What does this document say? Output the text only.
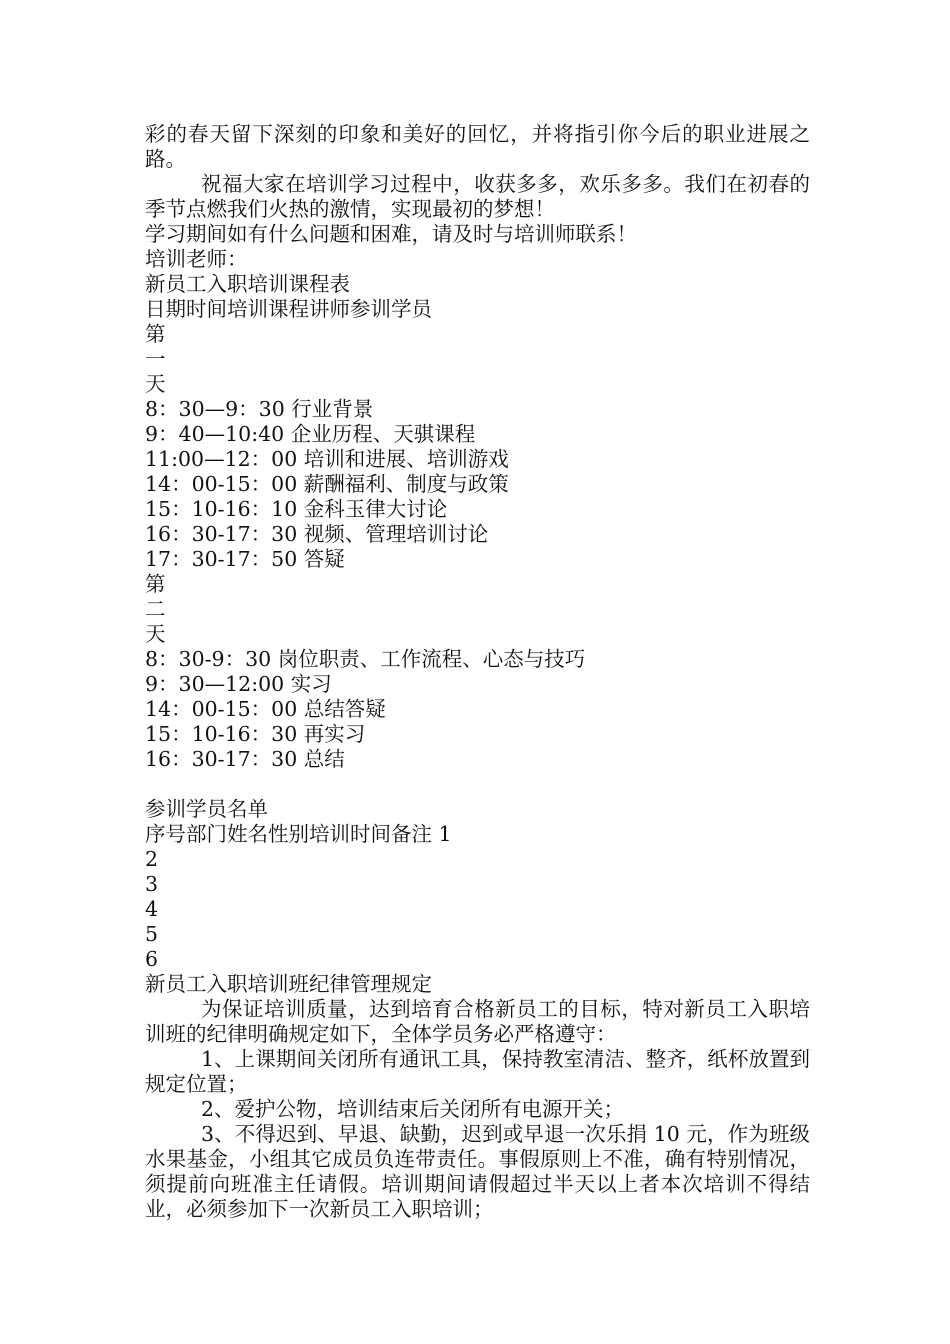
彩的春天留下深刻的印象和美好的回忆，并将指引你今后的职业进展之路。

祝福大家在培训学习过程中，收获多多，欢乐多多。我们在初春的季节点燃我们火热的激情，实现最初的梦想！

学习期间如有什么问题和困难，请及时与培训师联系！

培训老师：

新员工入职培训课程表

日期时间培训课程讲师参训学员

第

一

天

8：30—9：30 行业背景

9：40—10:40 企业历程、天骐课程

11:00—12：00 培训和进展、培训游戏

14：00-15：00 薪酬福利、制度与政策

15：10-16：10 金科玉律大讨论

16：30-17：30 视频、管理培训讨论

17：30-17：50 答疑

第

二

天

8：30-9：30 岗位职责、工作流程、心态与技巧

9：30—12:00 实习

14：00-15：00 总结答疑

15：10-16：30 再实习

16：30-17：30 总结

参训学员名单

序号部门姓名性别培训时间备注 1

2

3

4

5

6

新员工入职培训班纪律管理规定

为保证培训质量，达到培育合格新员工的目标，特对新员工入职培训班的纪律明确规定如下，全体学员务必严格遵守：

1、上课期间关闭所有通讯工具，保持教室清洁、整齐，纸杯放置到规定位置；

2、爱护公物，培训结束后关闭所有电源开关；

3、不得迟到、早退、缺勤，迟到或早退一次乐捐 10 元，作为班级水果基金，小组其它成员负连带责任。事假原则上不准，确有特别情况，须提前向班准主任请假。培训期间请假超过半天以上者本次培训不得结业，必须参加下一次新员工入职培训；
